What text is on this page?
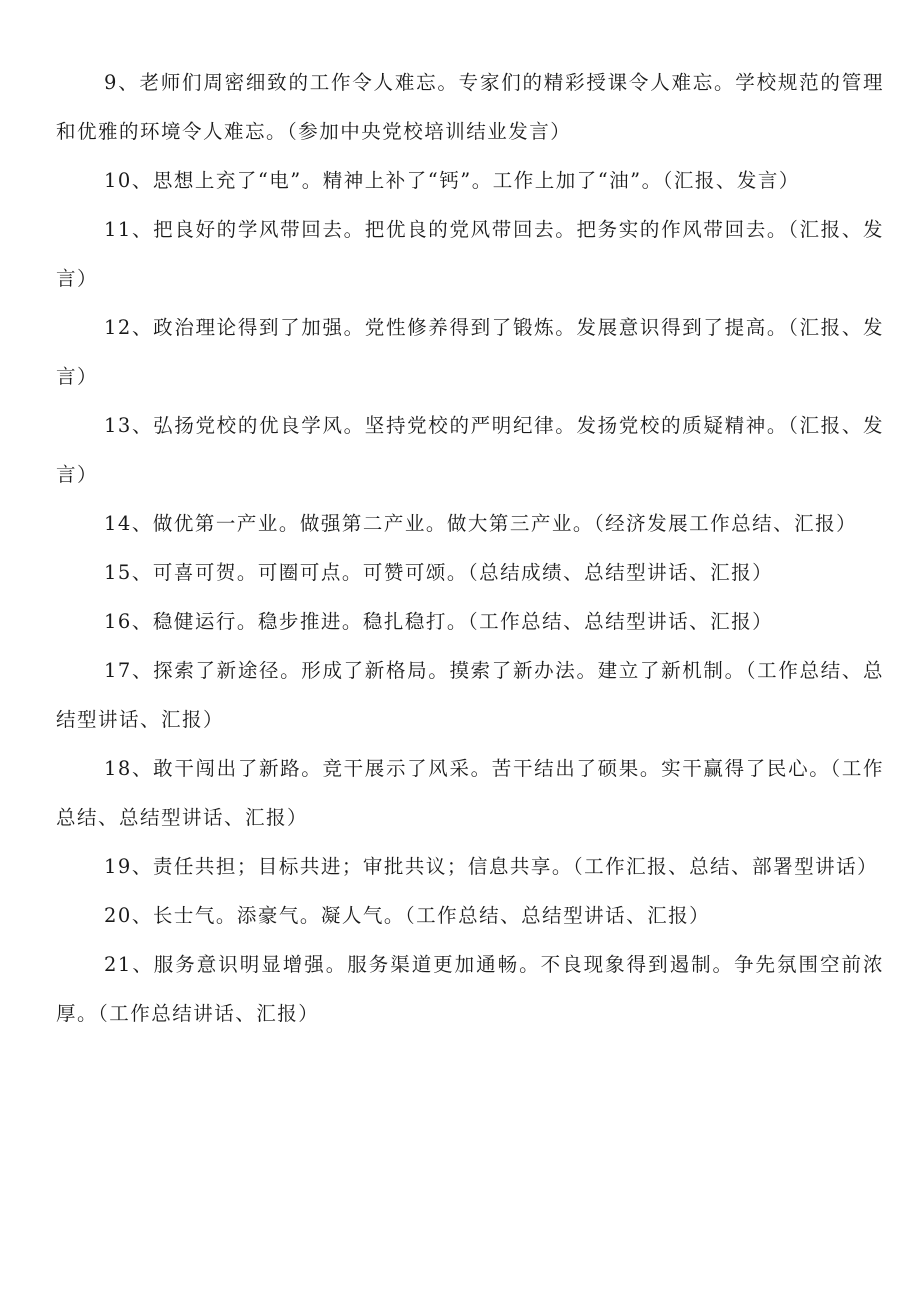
9、老师们周密细致的工作令人难忘。专家们的精彩授课令人难忘。学校规范的管理和优雅的环境令人难忘。（参加中央党校培训结业发言）

10、思想上充了“电”。精神上补了“钙”。工作上加了“油”。（汇报、发言）

11、把良好的学风带回去。把优良的党风带回去。把务实的作风带回去。（汇报、发言）

12、政治理论得到了加强。党性修养得到了锻炼。发展意识得到了提高。（汇报、发言）

13、弘扬党校的优良学风。坚持党校的严明纪律。发扬党校的质疑精神。（汇报、发言）

14、做优第一产业。做强第二产业。做大第三产业。（经济发展工作总结、汇报）

15、可喜可贺。可圈可点。可赞可颂。（总结成绩、总结型讲话、汇报）

16、稳健运行。稳步推进。稳扎稳打。（工作总结、总结型讲话、汇报）

17、探索了新途径。形成了新格局。摸索了新办法。建立了新机制。（工作总结、总结型讲话、汇报）

18、敢干闯出了新路。竞干展示了风采。苦干结出了硕果。实干赢得了民心。（工作总结、总结型讲话、汇报）

19、责任共担；目标共进；审批共议；信息共享。（工作汇报、总结、部署型讲话）

20、长士气。添豪气。凝人气。（工作总结、总结型讲话、汇报）

21、服务意识明显增强。服务渠道更加通畅。不良现象得到遏制。争先氛围空前浓厚。（工作总结讲话、汇报）
